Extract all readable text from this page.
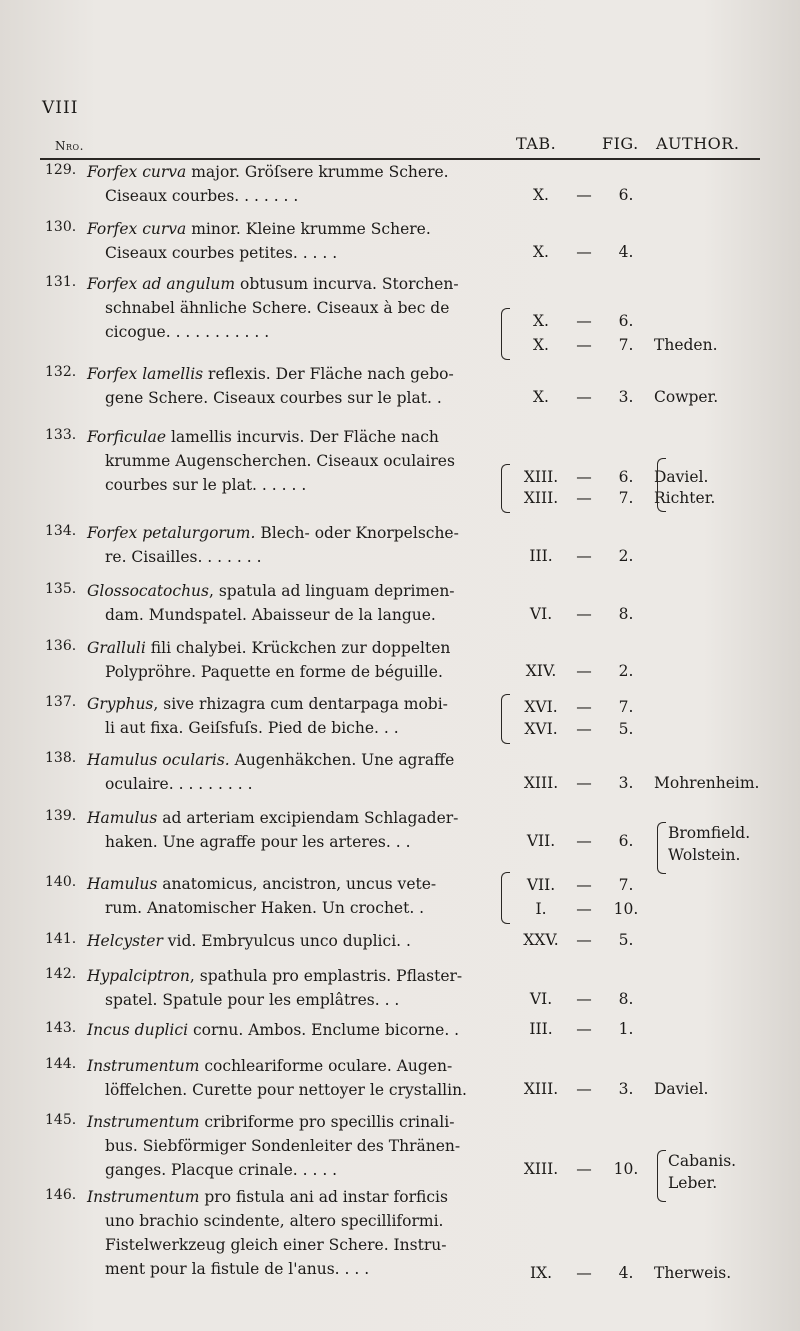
VIII
Nro.	TAB.	FIG. AUTHOR.
129. Forfex curva major. Gröſsere krumme Schere.
Ciseaux courbes. . . . . . .	X.	—	6.
130. Forfex curva minor. Kleine krumme Schere.
Ciseaux courbes petites. . . . .	X.	—	4.
131. Forfex ad angulum obtusum incurva. Storchen-
schnabel ähnliche Schere. Ciseaux à bec de
cicogue. . . . . . . . . . .
X.	—	6.
X.	—	7.	Theden.
132. Forfex lamellis reflexis. Der Fläche nach gebo-
gene Schere. Ciseaux courbes sur le plat. .	X.	—	3.	Cowper.
133. Forficulae lamellis incurvis. Der Fläche nach
krumme Augenscherchen. Ciseaux oculaires
courbes sur le plat. . . . . .	XIII.	—	6.	Daviel.
XIII.	—	7.	Richter.
134. Forfex petalurgorum. Blech- oder Knorpelsche-
re. Cisailles. . . . . . .	III.	—	2.
135. Glossocatochus, spatula ad linguam deprimen-
dam. Mundspatel. Abaisseur de la langue.	VI.	—	8.
136. Gralluli fili chalybei. Krückchen zur doppelten
Polypröhre. Paquette en forme de béguille.	XIV.	—	2.
137. Gryphus, sive rhizagra cum dentarpaga mobi-
li aut fixa. Geiſsfuſs. Pied de biche. . .
XVI.	—	7.
XVI.	—	5.
138. Hamulus ocularis. Augenhäkchen. Une agraffe
oculaire. . . . . . . . .	XIII.	—	3.	Mohrenheim.
139. Hamulus ad arteriam excipiendam Schlagader-
haken. Une agraffe pour les arteres. . .	VII.	—	6.	Bromfield.
Wolstein.
140. Hamulus anatomicus, ancistron, uncus vete-
rum. Anatomischer Haken. Un crochet. .
VII.	—	7.
I.	—	10.
141. Helcyster vid. Embryulcus unco duplici. .	XXV.	—	5.
142. Hypalciptron, spathula pro emplastris. Pflaster-
spatel. Spatule pour les emplâtres. . .	VI.	—	8.
143. Incus duplici cornu. Ambos. Enclume bicorne. .	III.	—	1.
144. Instrumentum cochleariforme oculare. Augen-
löffelchen. Curette pour nettoyer le crystallin.	XIII.	—	3.	Daviel.
145. Instrumentum cribriforme pro specillis crinali-
bus. Siebförmiger Sondenleiter des Thränen-
ganges. Placque crinale. . . . .	XIII.	—	10.	Cabanis.
Leber.
146. Instrumentum pro fistula ani ad instar forficis
uno brachio scindente, altero specilliformi.
Fistelwerkzeug gleich einer Schere. Instru-
ment pour la fistule de l'anus. . . .	IX.	—	4.	Therweis.
